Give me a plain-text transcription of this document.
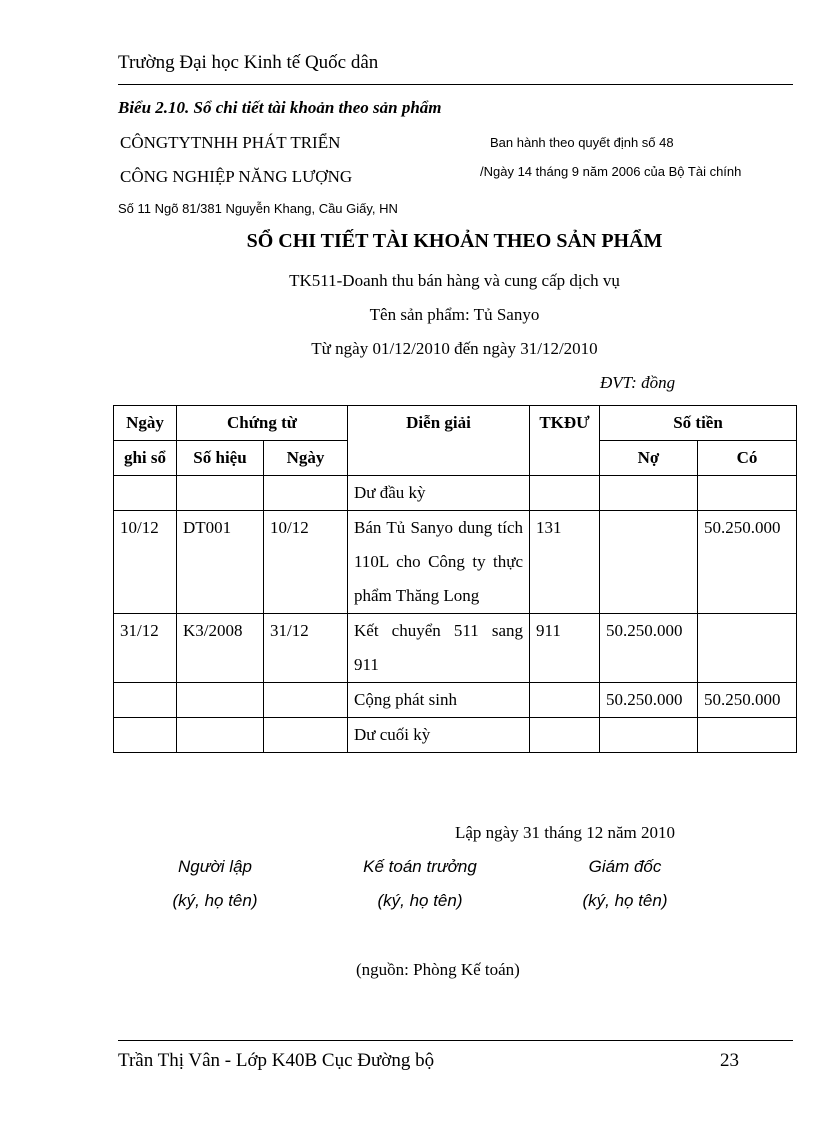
Trường Đại học Kinh tế Quốc dân
Biểu 2.10. Sổ chi tiết tài khoản theo sản phẩm
CÔNGTYTNHH PHÁT TRIỂN
CÔNG NGHIỆP NĂNG LƯỢNG
Số 11 Ngõ 81/381 Nguyễn Khang, Cầu Giấy, HN
Ban hành theo quyết định số 48
/Ngày 14 tháng 9 năm 2006 của Bộ Tài chính
SỔ CHI TIẾT TÀI KHOẢN THEO SẢN PHẨM
TK511-Doanh thu bán hàng và cung cấp dịch vụ
Tên sản phẩm: Tủ Sanyo
Từ ngày 01/12/2010 đến ngày 31/12/2010
ĐVT: đồng
Ngày	Chứng từ		Diễn giải	TKĐƯ	Số tiền	
ghi sổ	Số hiệu	Ngày			Nợ	Có
			Dư đầu kỳ			
10/12	DT001	10/12	Bán Tủ Sanyo dung tích 110L cho Công ty thực phẩm Thăng Long	131		50.250.000
31/12	K3/2008	31/12	Kết chuyển 511 sang 911	911	50.250.000	
			Cộng phát sinh		50.250.000	50.250.000
			Dư cuối kỳ			
Lập ngày 31 tháng 12 năm 2010
Người lập	Kế toán trưởng	Giám đốc
(ký, họ tên)	(ký, họ tên)	(ký, họ tên)
(nguồn: Phòng Kế toán)
Trần Thị Vân - Lớp K40B Cục Đường bộ	23
